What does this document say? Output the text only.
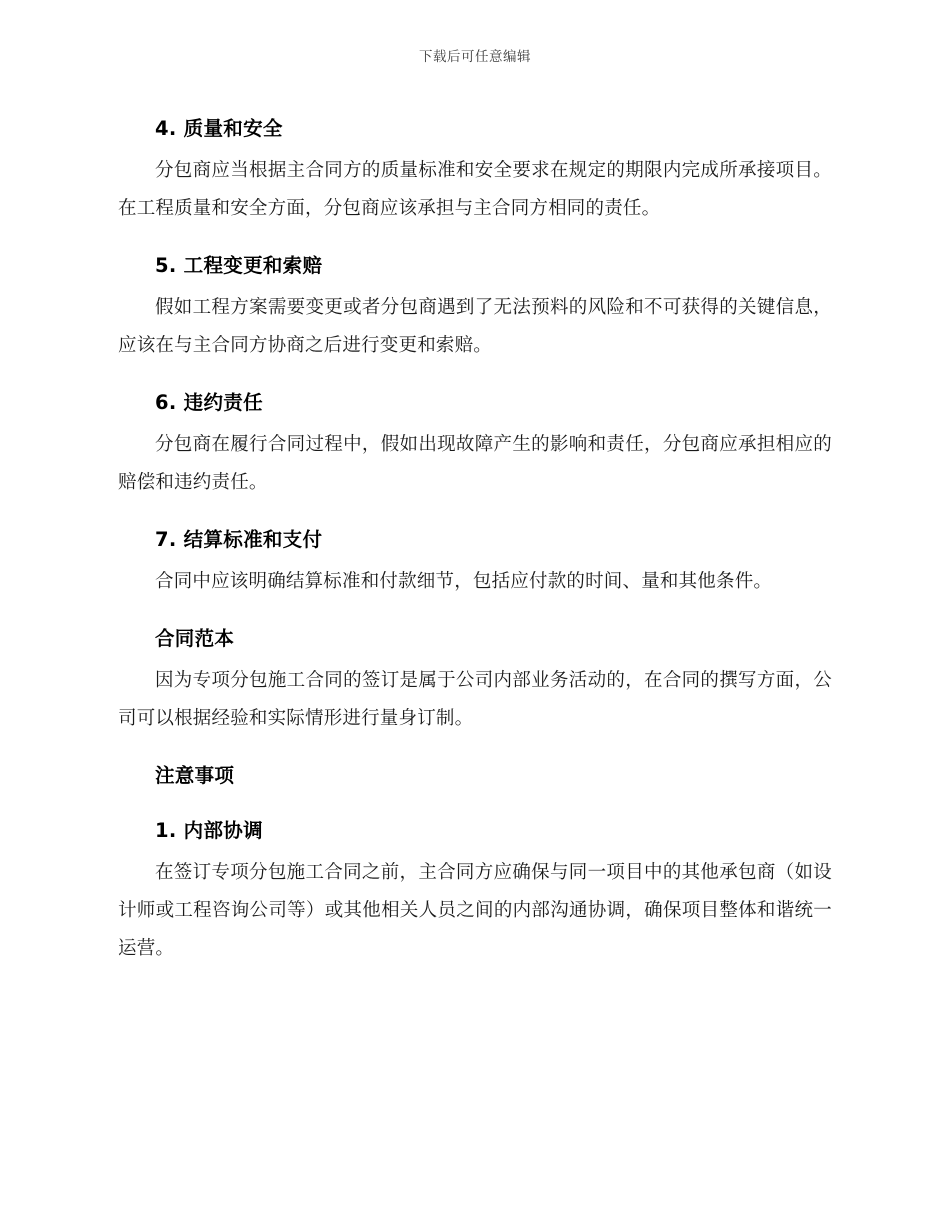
下载后可任意编辑
4. 质量和安全
分包商应当根据主合同方的质量标准和安全要求在规定的期限内完成所承接项目。在工程质量和安全方面，分包商应该承担与主合同方相同的责任。
5. 工程变更和索赔
假如工程方案需要变更或者分包商遇到了无法预料的风险和不可获得的关键信息，应该在与主合同方协商之后进行变更和索赔。
6. 违约责任
分包商在履行合同过程中，假如出现故障产生的影响和责任，分包商应承担相应的赔偿和违约责任。
7. 结算标准和支付
合同中应该明确结算标准和付款细节，包括应付款的时间、量和其他条件。
合同范本
因为专项分包施工合同的签订是属于公司内部业务活动的，在合同的撰写方面，公司可以根据经验和实际情形进行量身订制。
注意事项
1. 内部协调
在签订专项分包施工合同之前，主合同方应确保与同一项目中的其他承包商（如设计师或工程咨询公司等）或其他相关人员之间的内部沟通协调，确保项目整体和谐统一运营。
